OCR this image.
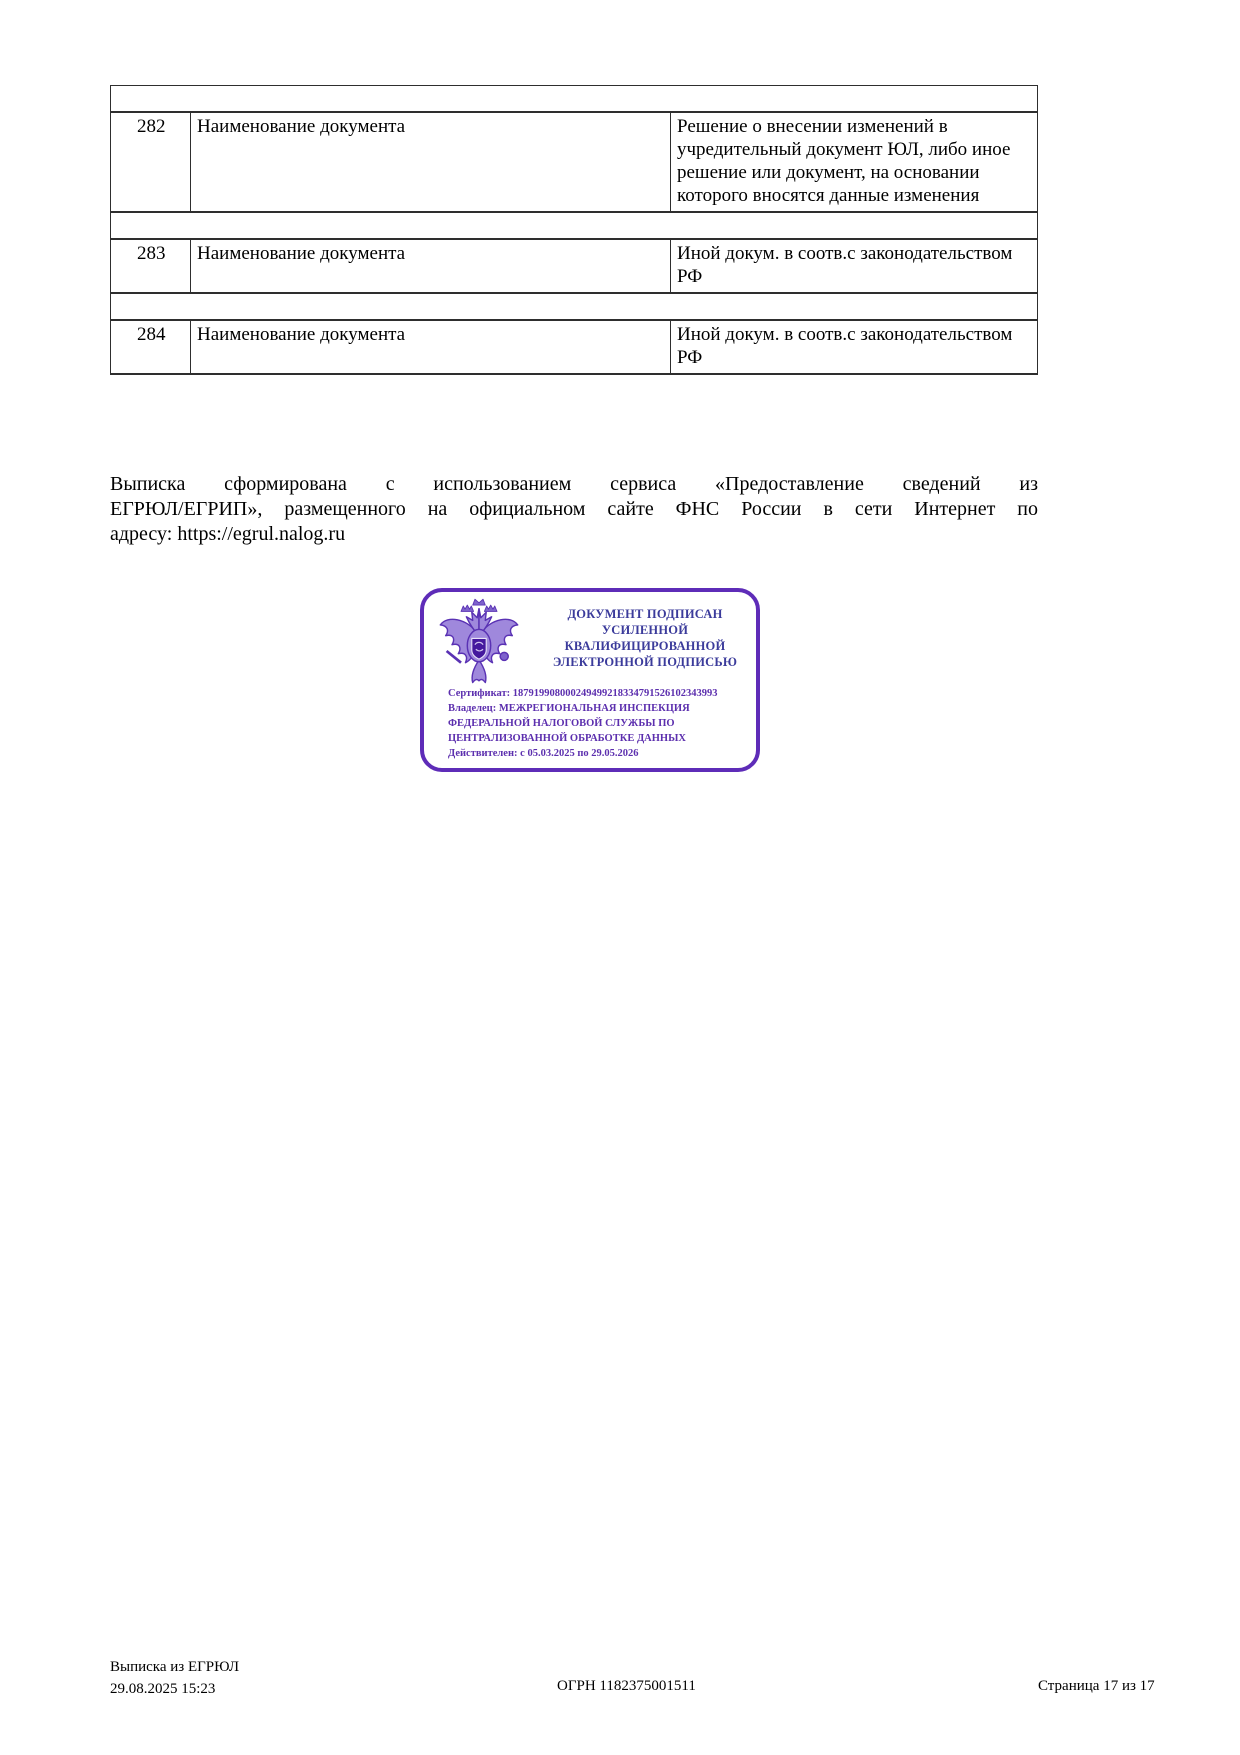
282	Наименование документа	Решение о внесении изменений в учредительный документ ЮЛ, либо иное решение или документ, на основании которого вносятся данные изменения
283	Наименование документа	Иной докум. в соотв.с законодательством РФ
284	Наименование документа	Иной докум. в соотв.с законодательством РФ
Выписка сформирована с использованием сервиса «Предоставление сведений из
ЕГРЮЛ/ЕГРИП», размещенного на официальном сайте ФНС России в сети Интернет по
адресу: https://egrul.nalog.ru
ДОКУМЕНТ ПОДПИСАН
УСИЛЕННОЙ КВАЛИФИЦИРОВАННОЙ
ЭЛЕКТРОННОЙ ПОДПИСЬЮ
Сертификат: 187919908000249499218334791526102343993
Владелец: МЕЖРЕГИОНАЛЬНАЯ ИНСПЕКЦИЯ ФЕДЕРАЛЬНОЙ НАЛОГОВОЙ СЛУЖБЫ ПО ЦЕНТРАЛИЗОВАННОЙ ОБРАБОТКЕ ДАННЫХ
Действителен: с 05.03.2025 по 29.05.2026
Выписка из ЕГРЮЛ
29.08.2025 15:23	ОГРН 1182375001511	Страница 17 из 17
